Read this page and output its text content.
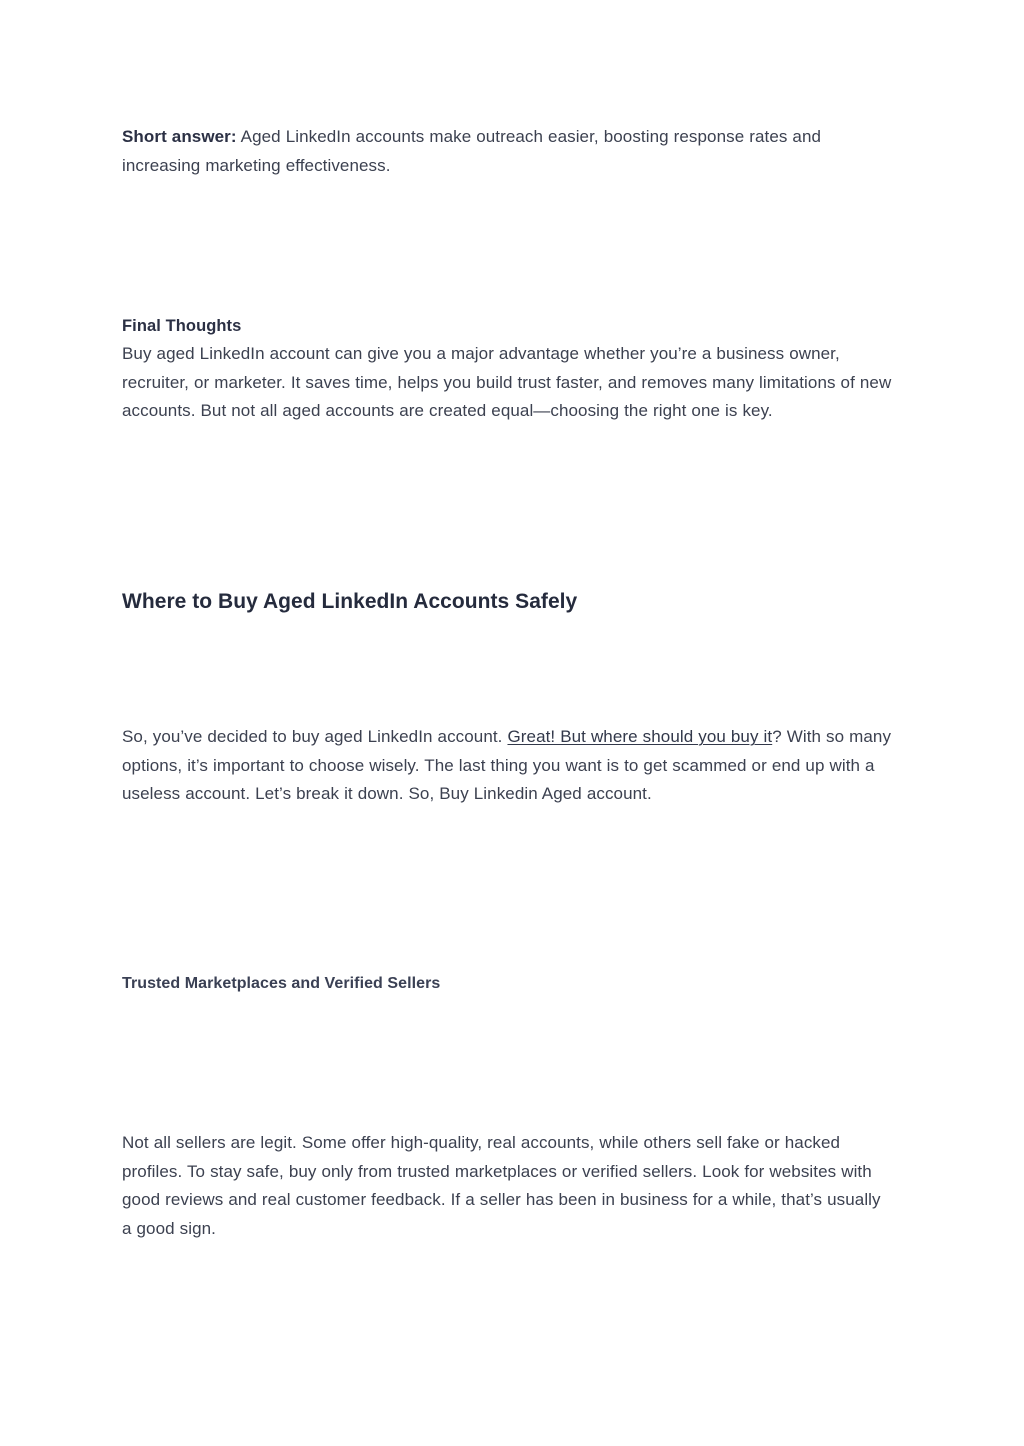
Short answer: Aged LinkedIn accounts make outreach easier, boosting response rates and increasing marketing effectiveness.

Final Thoughts

Buy aged LinkedIn account can give you a major advantage whether you’re a business owner, recruiter, or marketer. It saves time, helps you build trust faster, and removes many limitations of new accounts. But not all aged accounts are created equal—choosing the right one is key.

Where to Buy Aged LinkedIn Accounts Safely

So, you’ve decided to buy aged LinkedIn account. Great! But where should you buy it? With so many options, it’s important to choose wisely. The last thing you want is to get scammed or end up with a useless account. Let’s break it down. So, Buy Linkedin Aged account.

Trusted Marketplaces and Verified Sellers

Not all sellers are legit. Some offer high-quality, real accounts, while others sell fake or hacked profiles. To stay safe, buy only from trusted marketplaces or verified sellers. Look for websites with good reviews and real customer feedback. If a seller has been in business for a while, that’s usually a good sign.
